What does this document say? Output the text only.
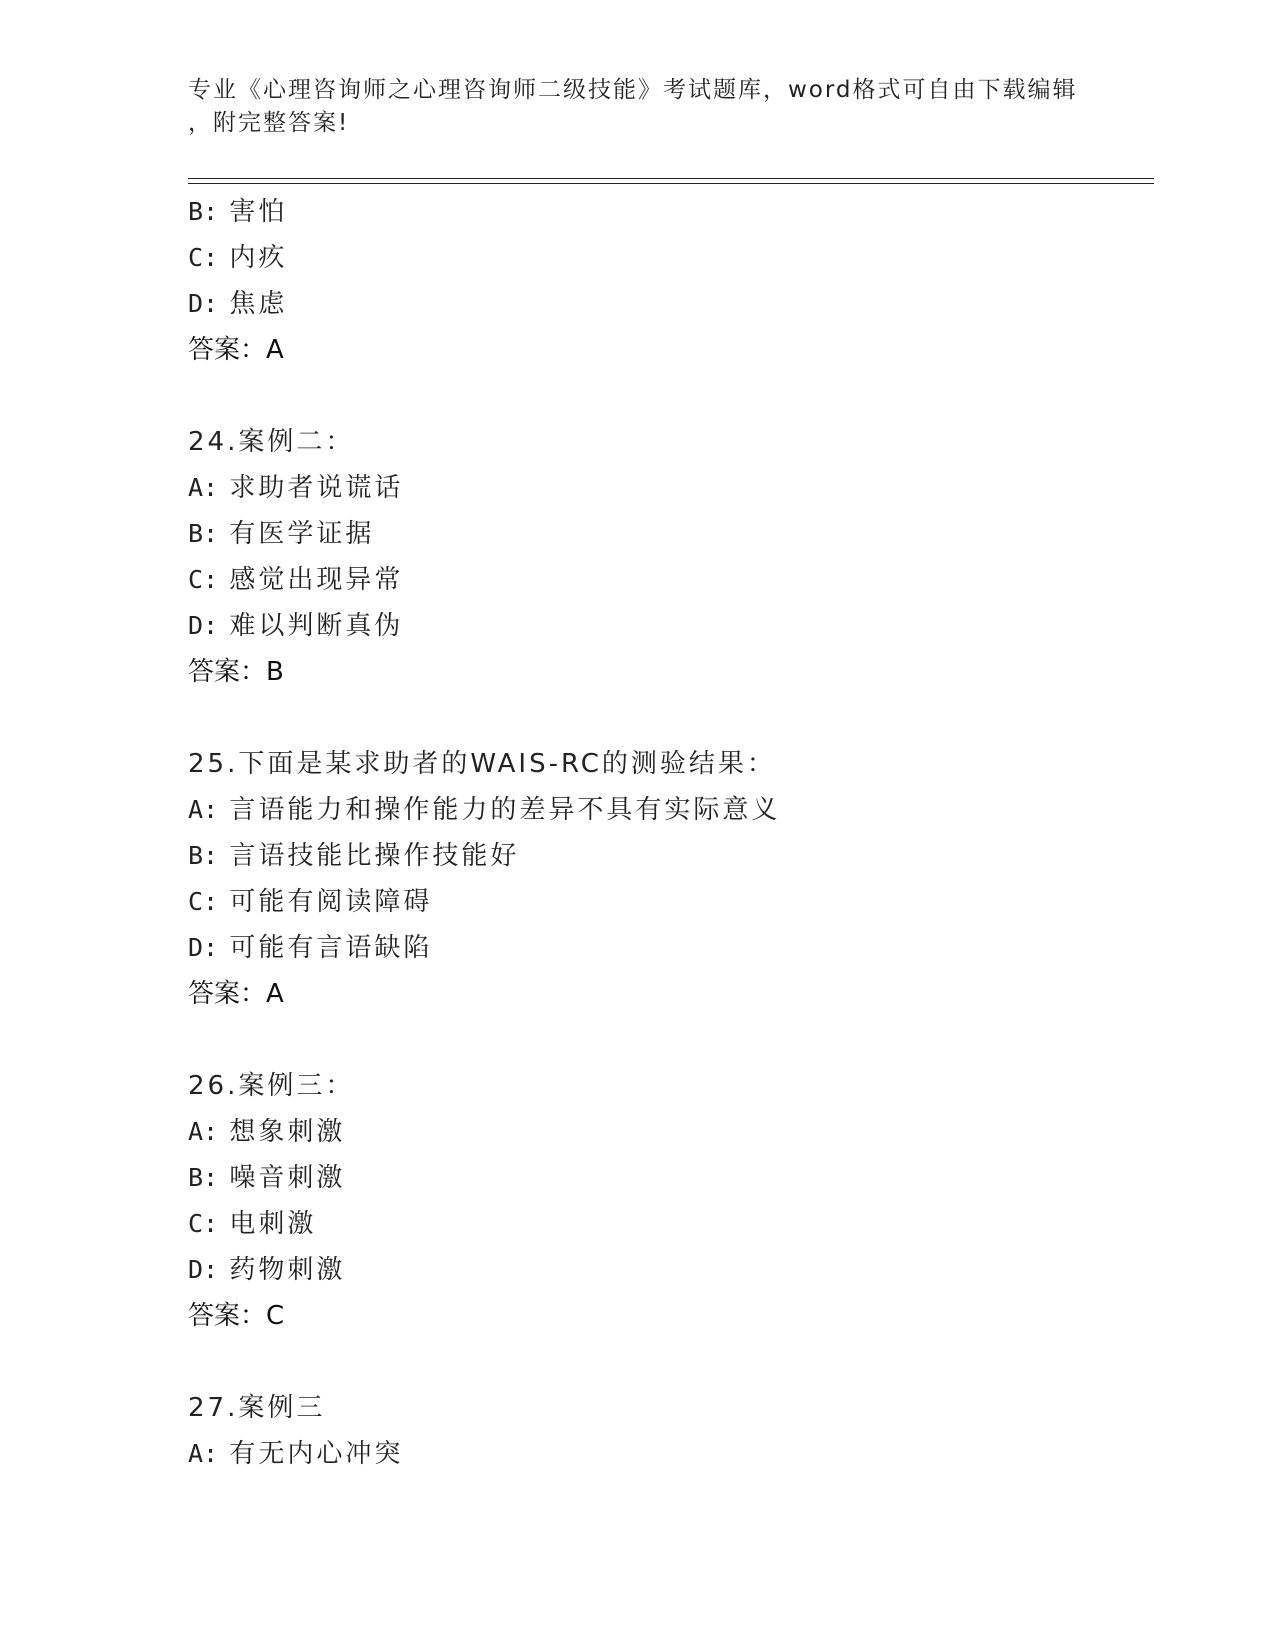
专业《心理咨询师之心理咨询师二级技能》考试题库，word格式可自由下载编辑
，附完整答案!
B: 害怕
C: 内疚
D: 焦虑
答案：A
24.案例二：
A: 求助者说谎话
B: 有医学证据
C: 感觉出现异常
D: 难以判断真伪
答案：B
25.下面是某求助者的WAIS-RC的测验结果：
A: 言语能力和操作能力的差异不具有实际意义
B: 言语技能比操作技能好
C: 可能有阅读障碍
D: 可能有言语缺陷
答案：A
26.案例三：
A: 想象刺激
B: 噪音刺激
C: 电刺激
D: 药物刺激
答案：C
27.案例三
A: 有无内心冲突
